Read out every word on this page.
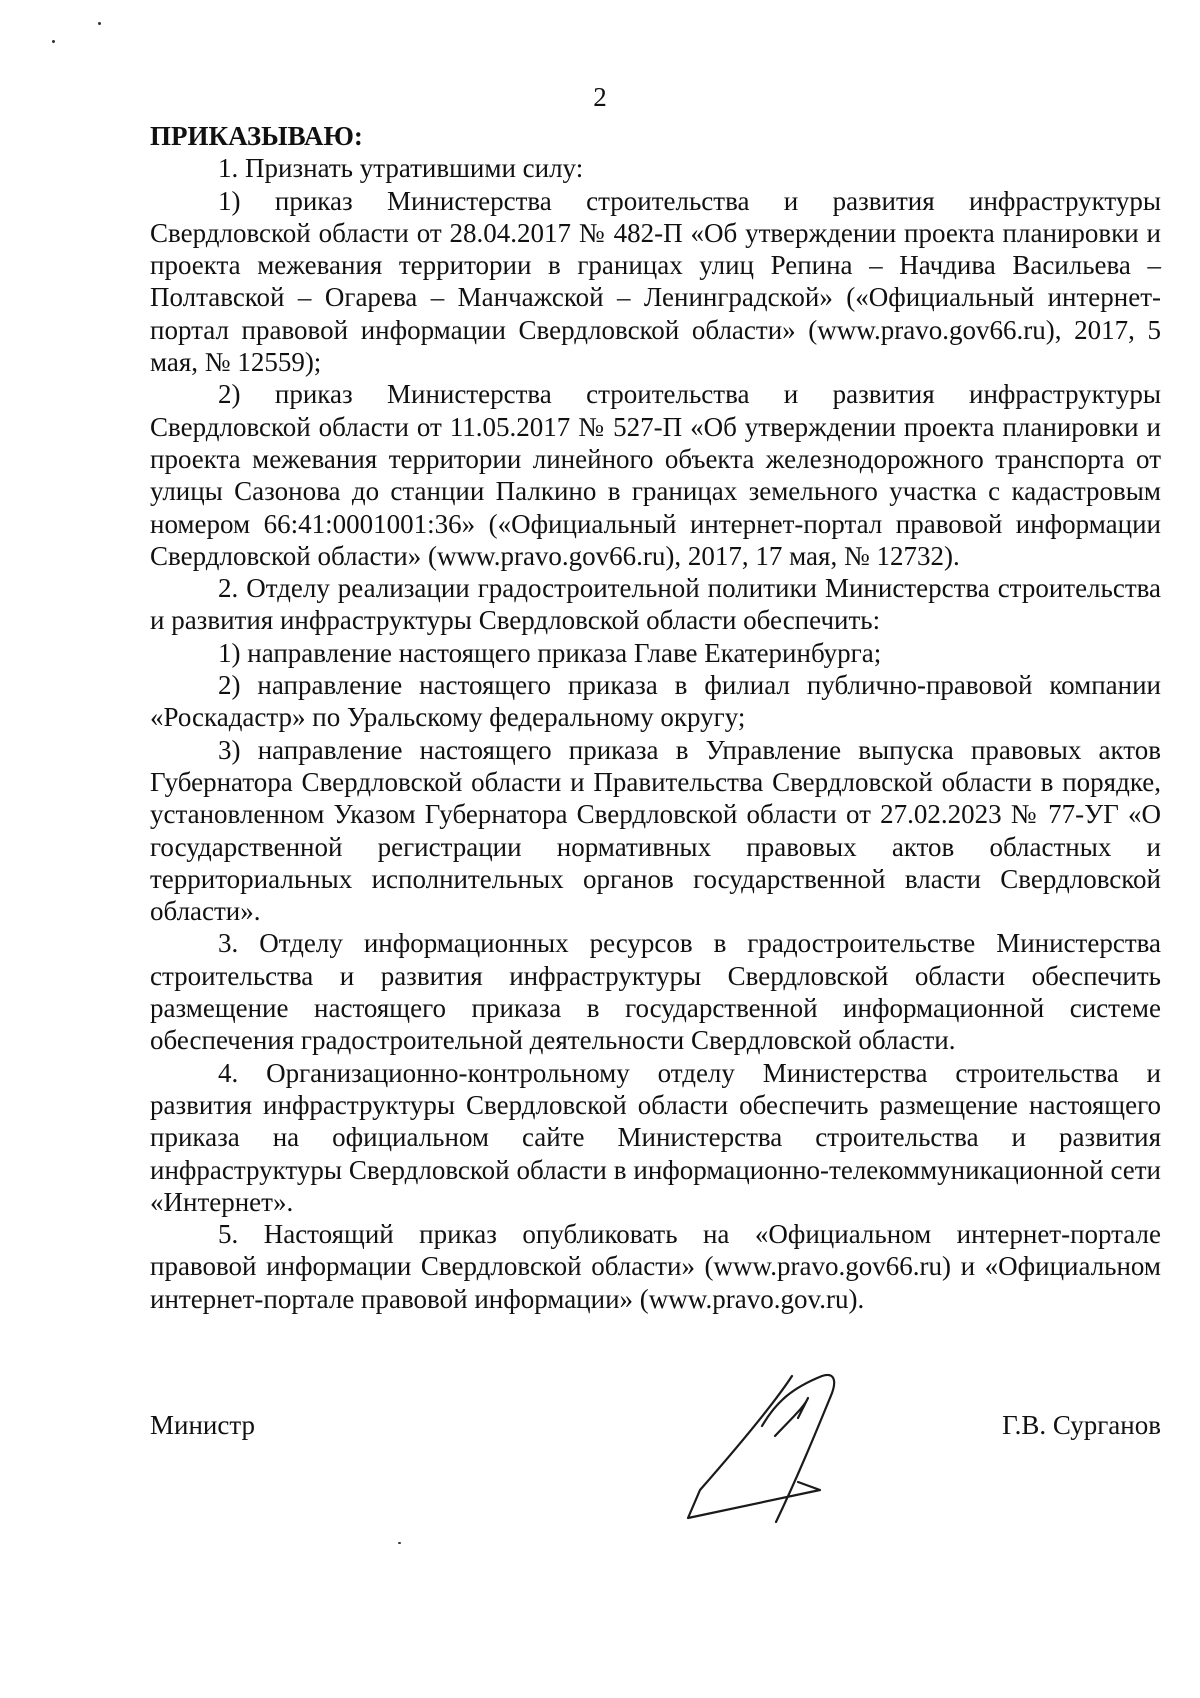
2

ПРИКАЗЫВАЮ:

1. Признать утратившими силу:

1) приказ Министерства строительства и развития инфраструктуры Свердловской области от 28.04.2017 № 482-П «Об утверждении проекта планировки и проекта межевания территории в границах улиц Репина – Начдива Васильева – Полтавской – Огарева – Манчажской – Ленинградской» («Официальный интернет-портал правовой информации Свердловской области» (www.pravo.gov66.ru), 2017, 5 мая, № 12559);

2) приказ Министерства строительства и развития инфраструктуры Свердловской области от 11.05.2017 № 527-П «Об утверждении проекта планировки и проекта межевания территории линейного объекта железнодорожного транспорта от улицы Сазонова до станции Палкино в границах земельного участка с кадастровым номером 66:41:0001001:36» («Официальный интернет-портал правовой информации Свердловской области» (www.pravo.gov66.ru), 2017, 17 мая, № 12732).

2. Отделу реализации градостроительной политики Министерства строительства и развития инфраструктуры Свердловской области обеспечить:

1) направление настоящего приказа Главе Екатеринбурга;

2) направление настоящего приказа в филиал публично-правовой компании «Роскадастр» по Уральскому федеральному округу;

3) направление настоящего приказа в Управление выпуска правовых актов Губернатора Свердловской области и Правительства Свердловской области в порядке, установленном Указом Губернатора Свердловской области от 27.02.2023 № 77-УГ «О государственной регистрации нормативных правовых актов областных и территориальных исполнительных органов государственной власти Свердловской области».

3. Отделу информационных ресурсов в градостроительстве Министерства строительства и развития инфраструктуры Свердловской области обеспечить размещение настоящего приказа в государственной информационной системе обеспечения градостроительной деятельности Свердловской области.

4. Организационно-контрольному отделу Министерства строительства и развития инфраструктуры Свердловской области обеспечить размещение настоящего приказа на официальном сайте Министерства строительства и развития инфраструктуры Свердловской области в информационно-телекоммуникационной сети «Интернет».

5. Настоящий приказ опубликовать на «Официальном интернет-портале правовой информации Свердловской области» (www.pravo.gov66.ru) и «Официальном интернет-портале правовой информации» (www.pravo.gov.ru).

Министр	Г.В. Сурганов
